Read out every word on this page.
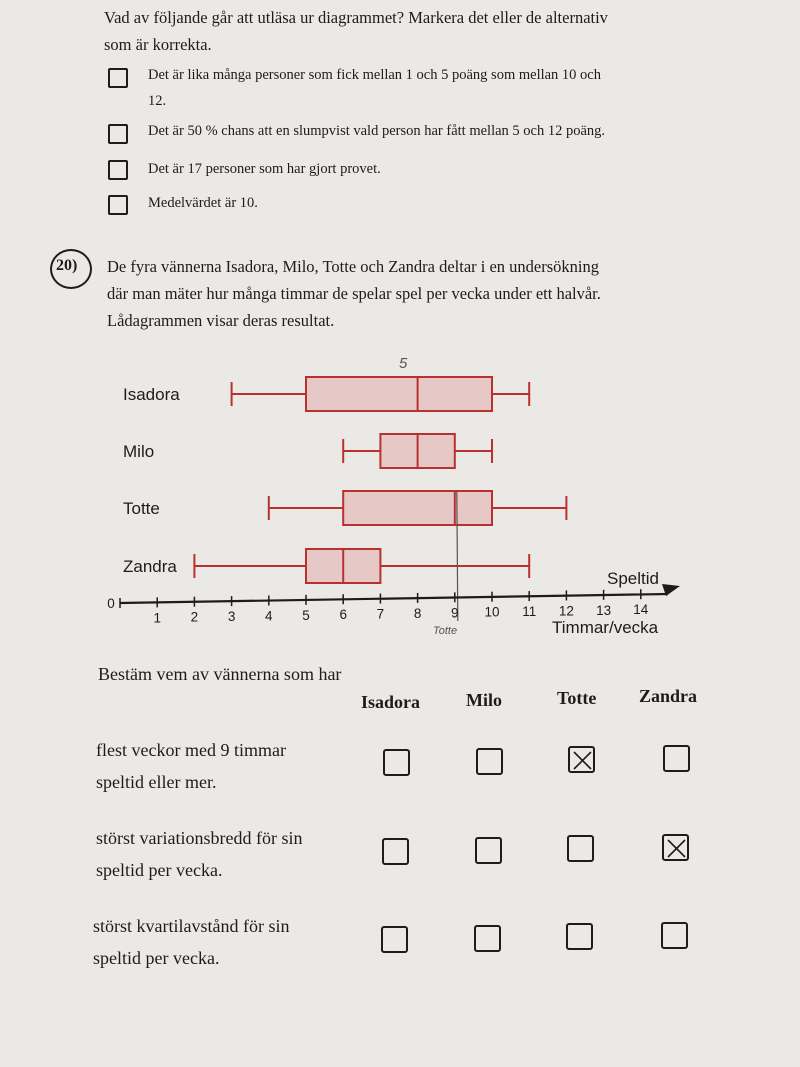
Vad av följande går att utläsa ur diagrammet? Markera det eller de alternativ
som är korrekta.
Det är lika många personer som fick mellan 1 och 5 poäng som mellan 10 och
12.
Det är 50 % chans att en slumpvist vald person har fått mellan 5 och 12 poäng.
Det är 17 personer som har gjort provet.
Medelvärdet är 10.
20) De fyra vännerna Isadora, Milo, Totte och Zandra deltar i en undersökning
där man mäter hur många timmar de spelar spel per vecka under ett halvår.
Lådagrammen visar deras resultat.
Isadora
Milo
Totte
Zandra
0
1 2 3 4 5 6 7 8 9 10 11 12 13 14
Speltid
Timmar/vecka
5
Totte
Bestäm vem av vännerna som har
Isadora	Milo	Totte Zandra
flest veckor med 9 timmar
speltid eller mer.
störst variationsbredd för sin
speltid per vecka.
störst kvartilavstånd för sin
speltid per vecka.
